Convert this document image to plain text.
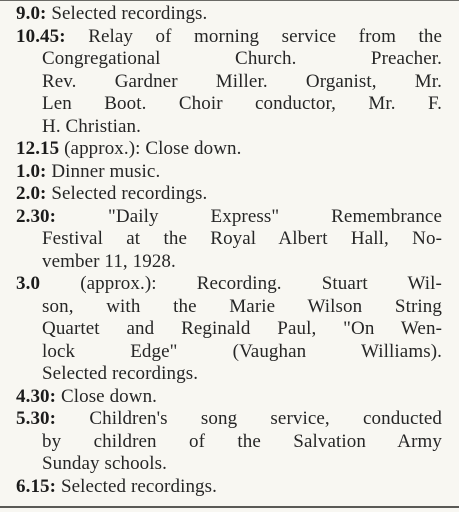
9.0: Selected recordings.

10.45: Relay of morning service from the
Congregational Church. Preacher.
Rev. Gardner Miller. Organist, Mr.
Len Boot. Choir conductor, Mr. F.
H. Christian.

12.15 (approx.): Close down.

1.0: Dinner music.

2.0: Selected recordings.

2.30:	"Daily Express" Remembrance
Festival at the Royal Albert Hall, No-
vember 11, 1928.

3.0 (approx.): Recording. Stuart Wil-
son, with the Marie Wilson String
Quartet and Reginald Paul, "On Wen-
lock Edge" (Vaughan Williams).
Selected recordings.

4.30: Close down.

5.30: Children's song service, conducted
by children of the Salvation Army
Sunday schools.

6.15: Selected recordings.
